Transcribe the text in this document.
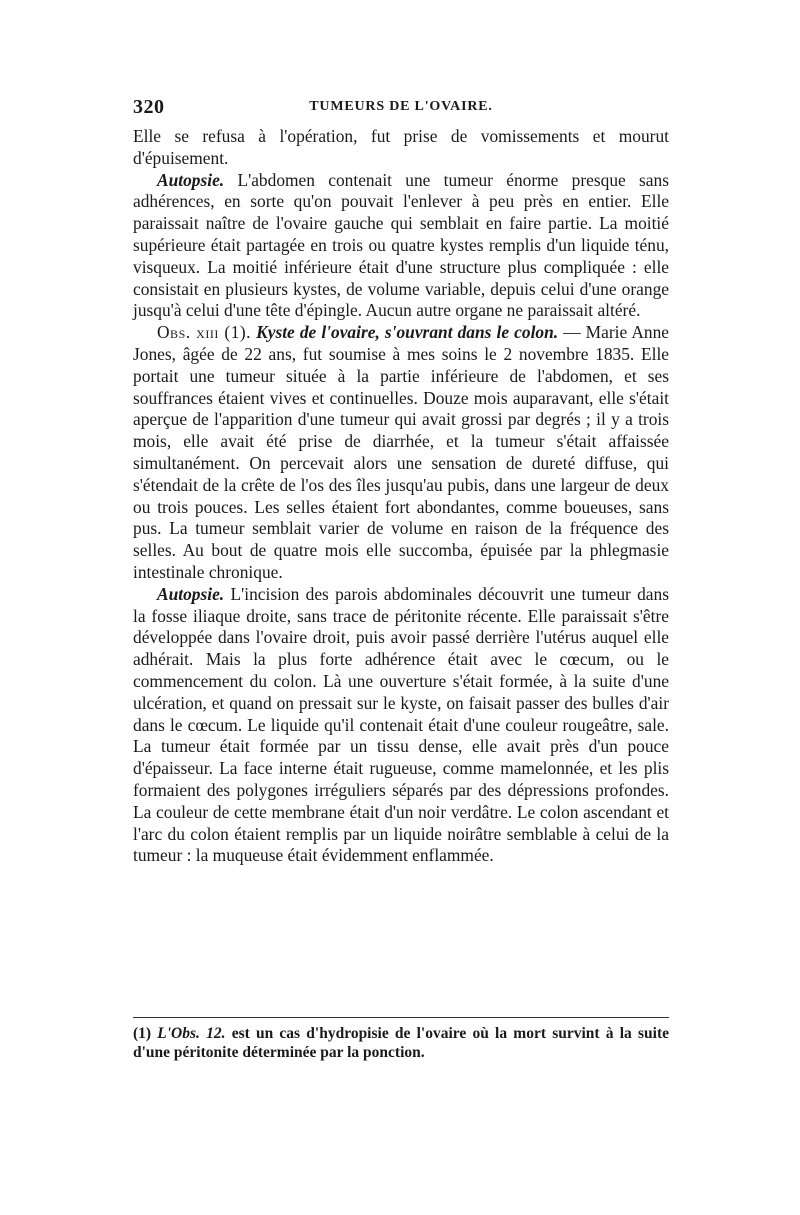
320	TUMEURS DE L'OVAIRE.

Elle se refusa à l'opération, fut prise de vomissements et mourut d'épuisement.

Autopsie. L'abdomen contenait une tumeur énorme presque sans adhérences, en sorte qu'on pouvait l'enlever à peu près en entier. Elle paraissait naître de l'ovaire gauche qui semblait en faire partie. La moitié supérieure était partagée en trois ou quatre kystes remplis d'un liquide ténu, visqueux. La moitié inférieure était d'une structure plus compliquée : elle consistait en plusieurs kystes, de volume variable, depuis celui d'une orange jusqu'à celui d'une tête d'épingle. Aucun autre organe ne paraissait altéré.

Obs. xiii (1). Kyste de l'ovaire, s'ouvrant dans le colon. — Marie Anne Jones, âgée de 22 ans, fut soumise à mes soins le 2 novembre 1835. Elle portait une tumeur située à la partie inférieure de l'abdomen, et ses souffrances étaient vives et continuelles. Douze mois auparavant, elle s'était aperçue de l'apparition d'une tumeur qui avait grossi par degrés ; il y a trois mois, elle avait été prise de diarrhée, et la tumeur s'était affaissée simultanément. On percevait alors une sensation de dureté diffuse, qui s'étendait de la crête de l'os des îles jusqu'au pubis, dans une largeur de deux ou trois pouces. Les selles étaient fort abondantes, comme boueuses, sans pus. La tumeur semblait varier de volume en raison de la fréquence des selles. Au bout de quatre mois elle succomba, épuisée par la phlegmasie intestinale chronique.

Autopsie. L'incision des parois abdominales découvrit une tumeur dans la fosse iliaque droite, sans trace de péritonite récente. Elle paraissait s'être développée dans l'ovaire droit, puis avoir passé derrière l'utérus auquel elle adhérait. Mais la plus forte adhérence était avec le cœcum, ou le commencement du colon. Là une ouverture s'était formée, à la suite d'une ulcération, et quand on pressait sur le kyste, on faisait passer des bulles d'air dans le cœcum. Le liquide qu'il contenait était d'une couleur rougeâtre, sale. La tumeur était formée par un tissu dense, elle avait près d'un pouce d'épaisseur. La face interne était rugueuse, comme mamelonnée, et les plis formaient des polygones irréguliers séparés par des dépressions profondes. La couleur de cette membrane était d'un noir verdâtre. Le colon ascendant et l'arc du colon étaient remplis par un liquide noirâtre semblable à celui de la tumeur : la muqueuse était évidemment enflammée.

(1) L'Obs. 12. est un cas d'hydropisie de l'ovaire où la mort survint à la suite d'une péritonite déterminée par la ponction.
